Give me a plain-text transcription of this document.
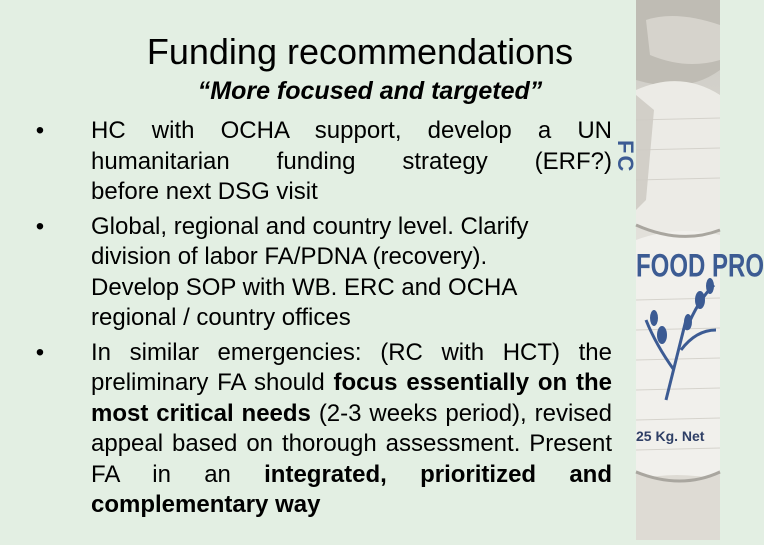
Funding recommendations
“More focused and targeted”
• HC with OCHA support, develop a UN
humanitarian funding strategy (ERF?)
before next DSG visit
• Global, regional and country level. Clarify
division of labor FA/PDNA (recovery).
Develop SOP with WB. ERC and OCHA
regional / country offices
• In similar emergencies: (RC with HCT) the preliminary FA should focus essentially on the most critical needs (2-3 weeks period), revised appeal based on thorough assessment. Present FA in an integrated, prioritized and complementary way
FC
FOOD PRO
25 Kg. Net
